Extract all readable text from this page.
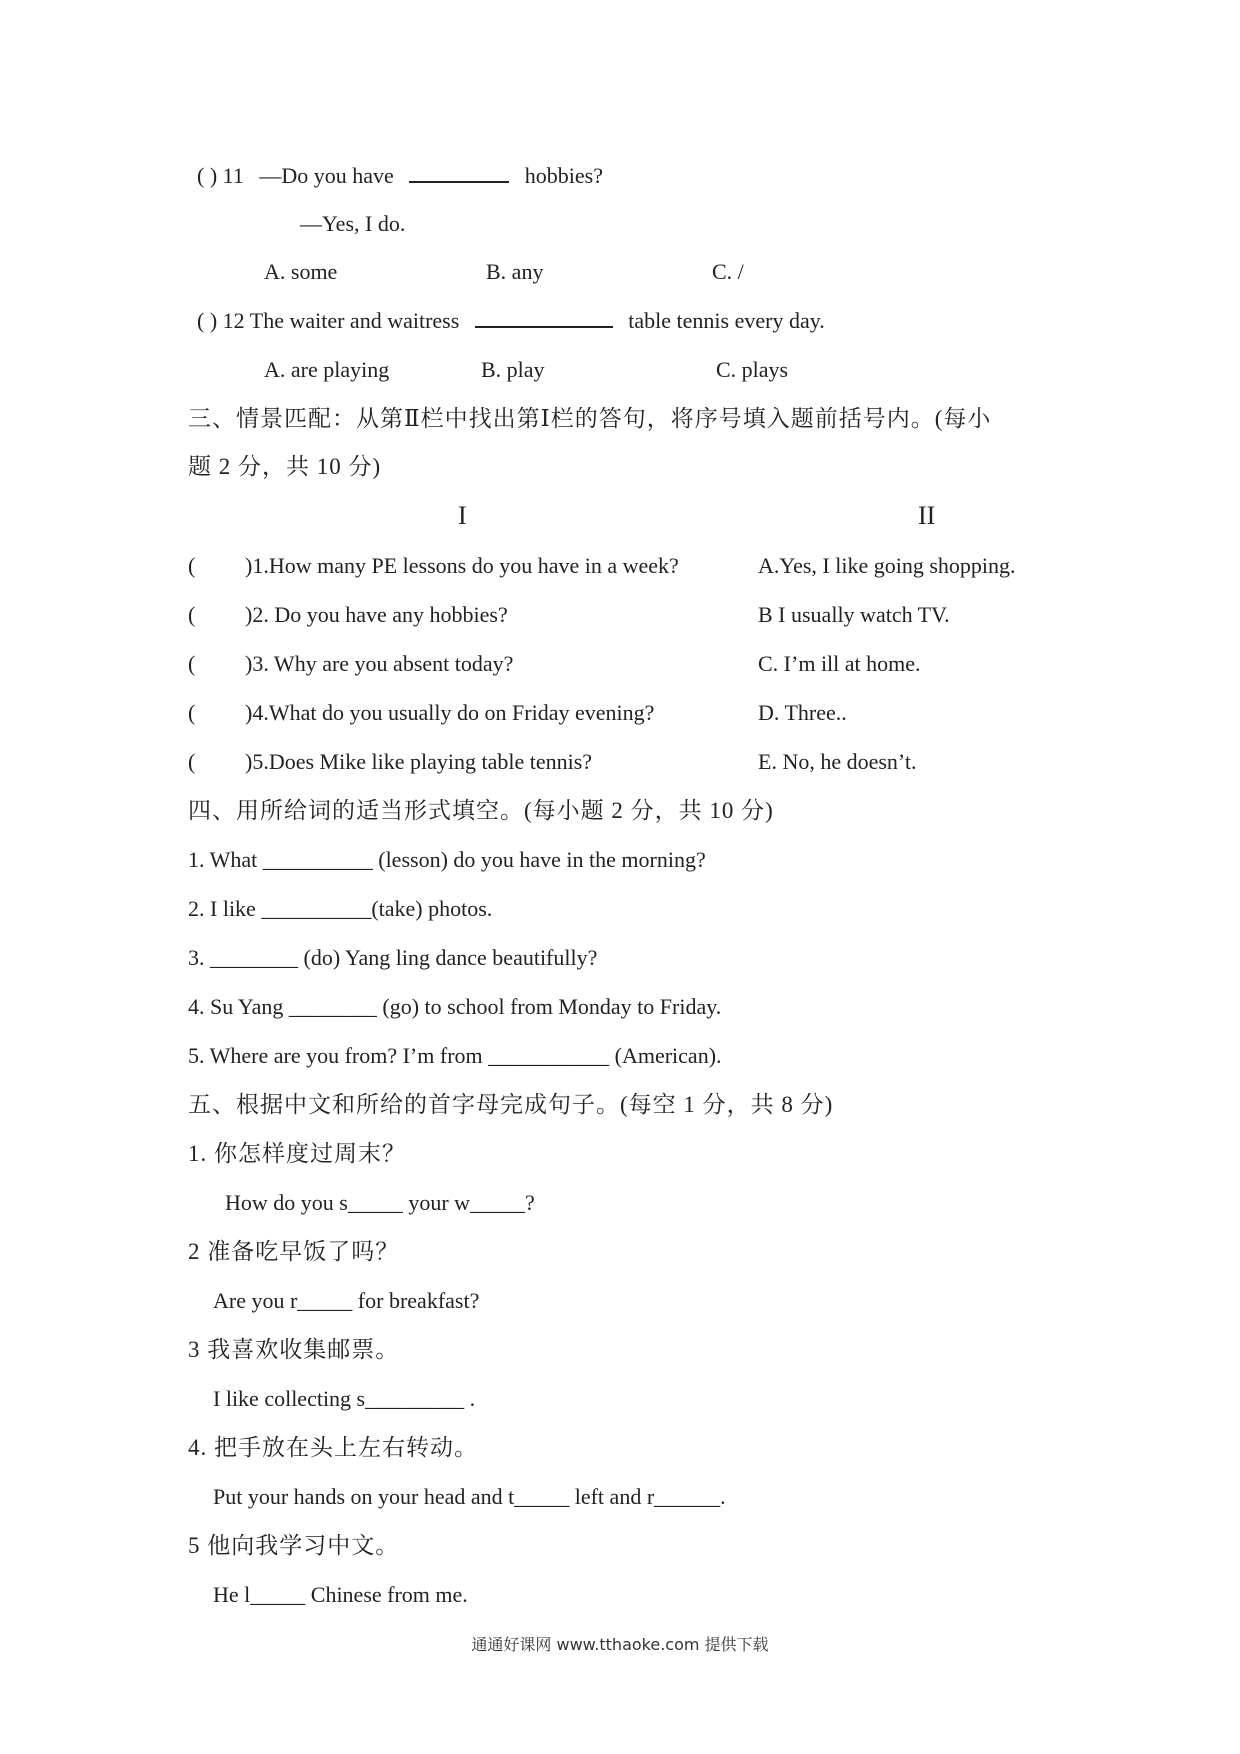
( ) 11 —Do you have	hobbies?
—Yes, I do.
A. some	B. any	C. /
( ) 12 The waiter and waitress	table tennis every day.
A. are playing	B. play	C. plays
三、情景匹配：从第Ⅱ栏中找出第Ⅰ栏的答句，将序号填入题前括号内。(每小
题 2 分，共 10 分)
I	II
( )1.How many PE lessons do you have in a week?	A.Yes, I like going shopping.
( )2. Do you have any hobbies?	B I usually watch TV.
( )3. Why are you absent today?	C. I’m ill at home.
( )4.What do you usually do on Friday evening?	D. Three..
( )5.Does Mike like playing table tennis?	E. No, he doesn’t.
四、用所给词的适当形式填空。(每小题 2 分，共 10 分)
1. What __________ (lesson) do you have in the morning?
2. I like __________(take) photos.
3. ________ (do) Yang ling dance beautifully?
4. Su Yang ________ (go) to school from Monday to Friday.
5. Where are you from? I’m from ___________ (American).
五、根据中文和所给的首字母完成句子。(每空 1 分，共 8 分)
1. 你怎样度过周末？
How do you s_____ your w_____?
2 准备吃早饭了吗？
Are you r_____ for breakfast?
3 我喜欢收集邮票。
I like collecting s_________ .
4. 把手放在头上左右转动。
Put your hands on your head and t_____ left and r______.
5 他向我学习中文。
He l_____ Chinese from me.
通通好课网 www.tthaoke.com 提供下载
